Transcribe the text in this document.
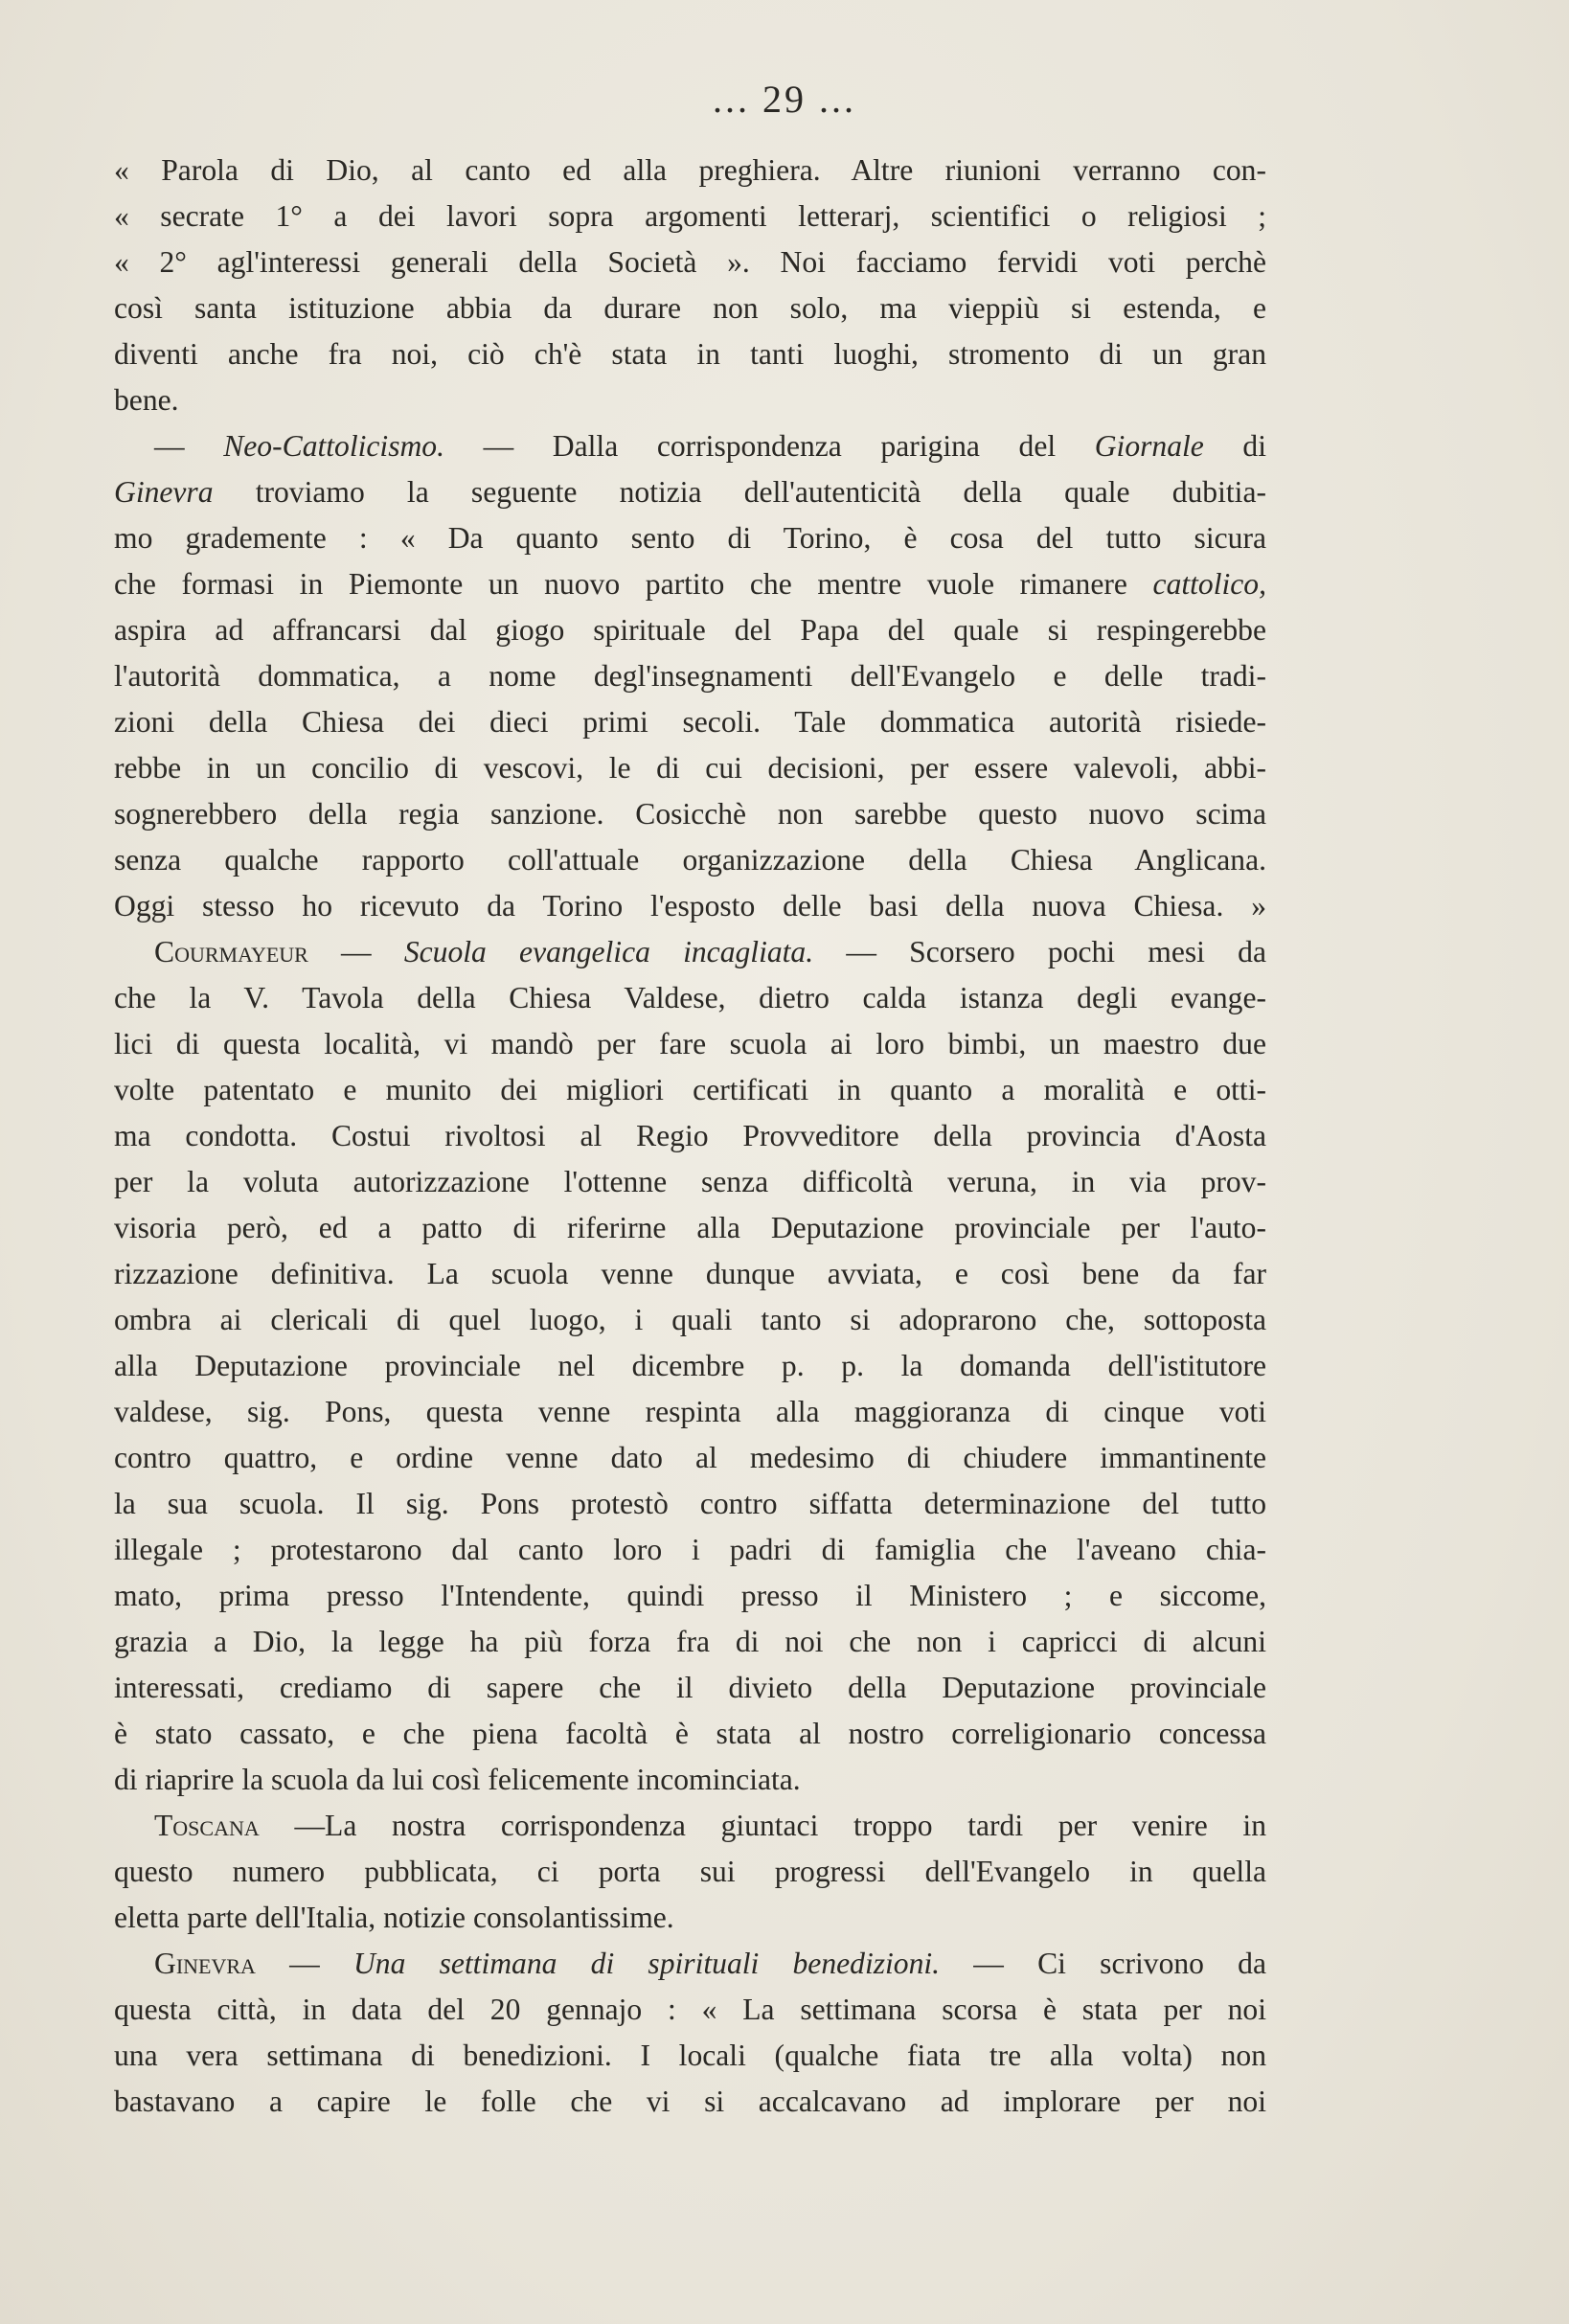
... 29 ...
« Parola di Dio, al canto ed alla preghiera. Altre riunioni verranno con-
« secrate 1° a dei lavori sopra argomenti letterarj, scientifici o religiosi ;
« 2° agl'interessi generali della Società ». Noi facciamo fervidi voti perchè
così santa istituzione abbia da durare non solo, ma vieppiù si estenda, e
diventi anche fra noi, ciò ch'è stata in tanti luoghi, stromento di un gran
bene.
— Neo-Cattolicismo. — Dalla corrispondenza parigina del Giornale di
Ginevra troviamo la seguente notizia dell'autenticità della quale dubitia-
mo grademente : « Da quanto sento di Torino, è cosa del tutto sicura
che formasi in Piemonte un nuovo partito che mentre vuole rimanere cattolico,
aspira ad affrancarsi dal giogo spirituale del Papa del quale si respingerebbe
l'autorità dommatica, a nome degl'insegnamenti dell'Evangelo e delle tradi-
zioni della Chiesa dei dieci primi secoli. Tale dommatica autorità risiede-
rebbe in un concilio di vescovi, le di cui decisioni, per essere valevoli, abbi-
sognerebbero della regia sanzione. Cosicchè non sarebbe questo nuovo scima
senza qualche rapporto coll'attuale organizzazione della Chiesa Anglicana.
Oggi stesso ho ricevuto da Torino l'esposto delle basi della nuova Chiesa. »
Courmayeur — Scuola evangelica incagliata. — Scorsero pochi mesi da
che la V. Tavola della Chiesa Valdese, dietro calda istanza degli evange-
lici di questa località, vi mandò per fare scuola ai loro bimbi, un maestro due
volte patentato e munito dei migliori certificati in quanto a moralità e otti-
ma condotta. Costui rivoltosi al Regio Provveditore della provincia d'Aosta
per la voluta autorizzazione l'ottenne senza difficoltà veruna, in via prov-
visoria però, ed a patto di riferirne alla Deputazione provinciale per l'auto-
rizzazione definitiva. La scuola venne dunque avviata, e così bene da far
ombra ai clericali di quel luogo, i quali tanto si adoprarono che, sottoposta
alla Deputazione provinciale nel dicembre p. p. la domanda dell'istitutore
valdese, sig. Pons, questa venne respinta alla maggioranza di cinque voti
contro quattro, e ordine venne dato al medesimo di chiudere immantinente
la sua scuola. Il sig. Pons protestò contro siffatta determinazione del tutto
illegale ; protestarono dal canto loro i padri di famiglia che l'aveano chia-
mato, prima presso l'Intendente, quindi presso il Ministero ; e siccome,
grazia a Dio, la legge ha più forza fra di noi che non i capricci di alcuni
interessati, crediamo di sapere che il divieto della Deputazione provinciale
è stato cassato, e che piena facoltà è stata al nostro correligionario concessa
di riaprire la scuola da lui così felicemente incominciata.
Toscana —La nostra corrispondenza giuntaci troppo tardi per venire in
questo numero pubblicata, ci porta sui progressi dell'Evangelo in quella
eletta parte dell'Italia, notizie consolantissime.
Ginevra — Una settimana di spirituali benedizioni. — Ci scrivono da
questa città, in data del 20 gennajo : « La settimana scorsa è stata per noi
una vera settimana di benedizioni. I locali (qualche fiata tre alla volta) non
bastavano a capire le folle che vi si accalcavano ad implorare per noi
